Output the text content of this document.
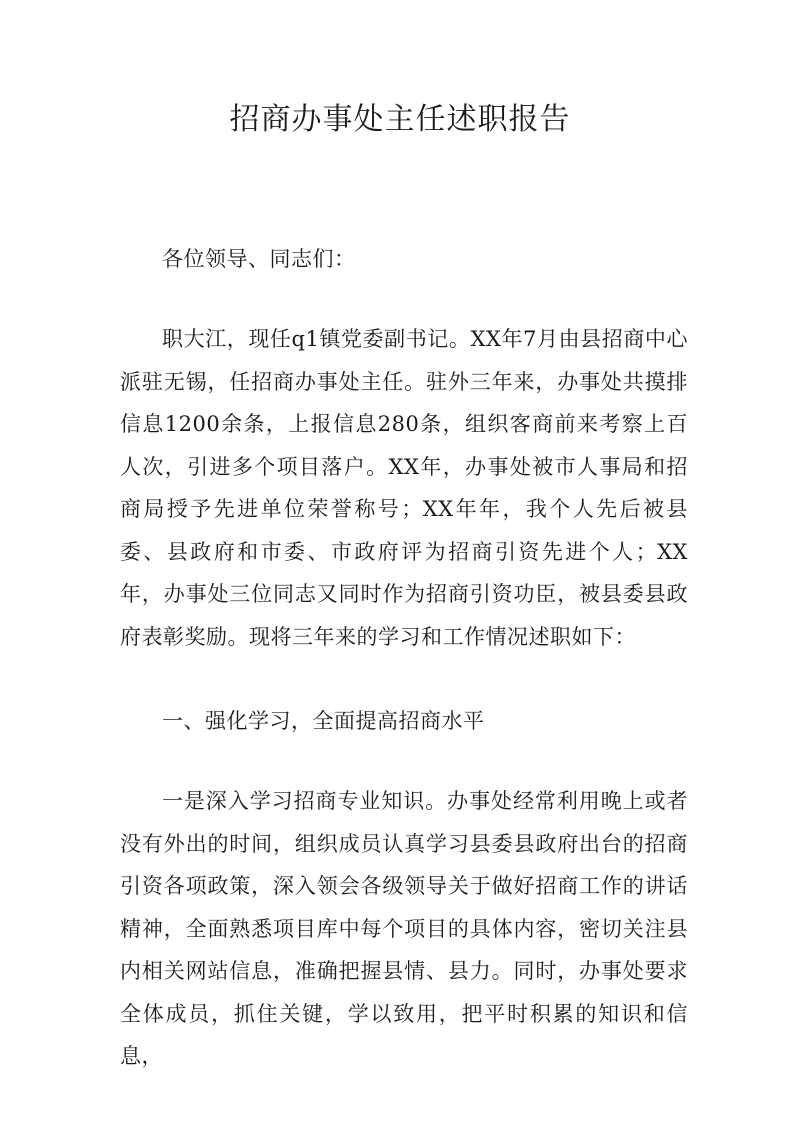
招商办事处主任述职报告

各位领导、同志们：

职大江，现任q1镇党委副书记。XX年7月由县招商中心派驻无锡，任招商办事处主任。驻外三年来，办事处共摸排信息1200余条，上报信息280条，组织客商前来考察上百人次，引进多个项目落户。XX年，办事处被市人事局和招商局授予先进单位荣誉称号；XX年年，我个人先后被县委、县政府和市委、市政府评为招商引资先进个人；XX年，办事处三位同志又同时作为招商引资功臣，被县委县政府表彰奖励。现将三年来的学习和工作情况述职如下：

一、强化学习，全面提高招商水平

一是深入学习招商专业知识。办事处经常利用晚上或者没有外出的时间，组织成员认真学习县委县政府出台的招商引资各项政策，深入领会各级领导关于做好招商工作的讲话精神，全面熟悉项目库中每个项目的具体内容，密切关注县内相关网站信息，准确把握县情、县力。同时，办事处要求全体成员，抓住关键，学以致用，把平时积累的知识和信息，
